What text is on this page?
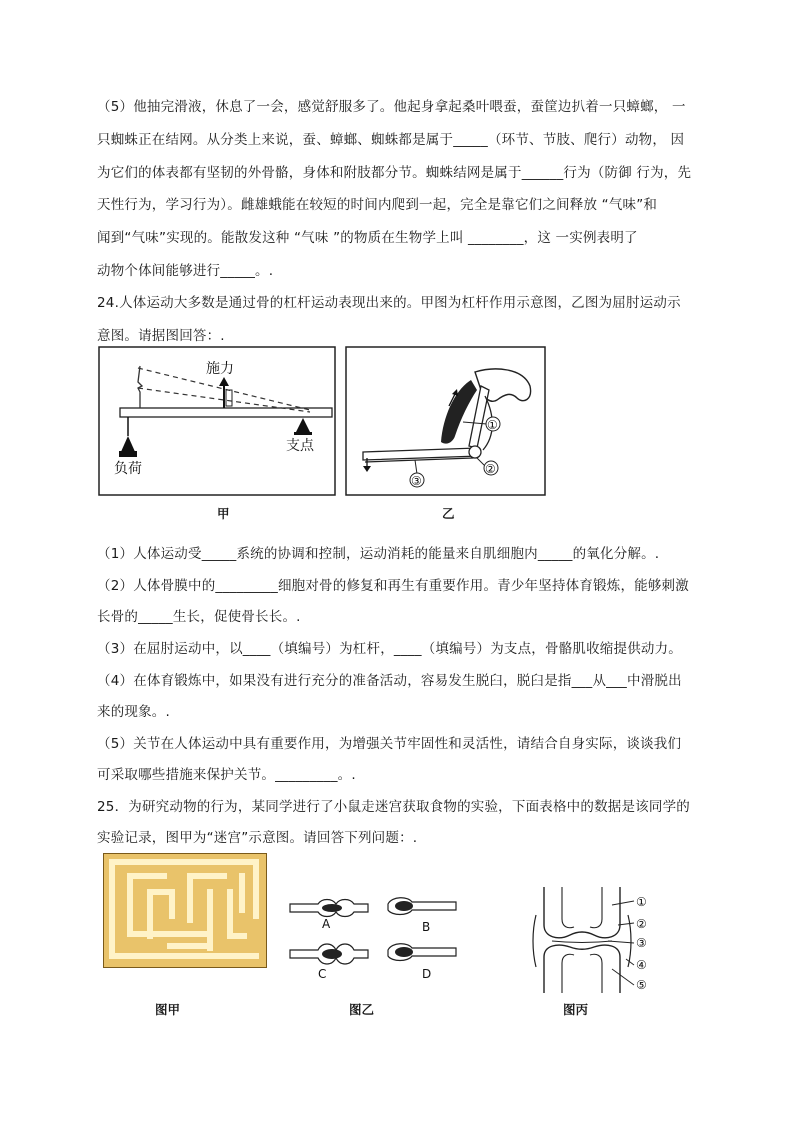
（5）他抽完滑液，休息了一会，感觉舒服多了。他起身拿起桑叶喂蚕，蚕筐边扒着一只蟑螂， 一
只蜘蛛正在结网。从分类上来说，蚕、蟑螂、蜘蛛都是属于_____（环节、节肢、爬行）动物， 因
为它们的体表都有坚韧的外骨骼，身体和附肢都分节。蜘蛛结网是属于______行为（防御 行为，先
天性行为，学习行为）。雌雄蛾能在较短的时间内爬到一起，完全是靠它们之间释放 “气味”和
闻到“气味”实现的。能散发这种 “气味 ”的物质在生物学上叫 ________，这 一实例表明了
动物个体间能够进行_____。.
24.人体运动大多数是通过骨的杠杆运动表现出来的。甲图为杠杆作用示意图，乙图为屈肘运动示
意图。请据图回答：.
施力
支点
负荷
甲
①
②
③
乙
（1）人体运动受_____系统的协调和控制，运动消耗的能量来自肌细胞内_____的氧化分解。.
（2）人体骨膜中的_________细胞对骨的修复和再生有重要作用。青少年坚持体育锻炼，能够刺激
长骨的_____生长，促使骨长长。.
（3）在屈肘运动中，以____（填编号）为杠杆，____（填编号）为支点，骨骼肌收缩提供动力。
（4）在体育锻炼中，如果没有进行充分的准备活动，容易发生脱臼，脱臼是指___从___中滑脱出
来的现象。.
（5）关节在人体运动中具有重要作用，为增强关节牢固性和灵活性，请结合自身实际，谈谈我们
可采取哪些措施来保护关节。_________。.
25．为研究动物的行为，某同学进行了小鼠走迷宫获取食物的实验，下面表格中的数据是该同学的
实验记录，图甲为“迷宫”示意图。请回答下列问题：.
图甲
A	B
C	D
图乙
①
②
③
④
⑤
图丙
